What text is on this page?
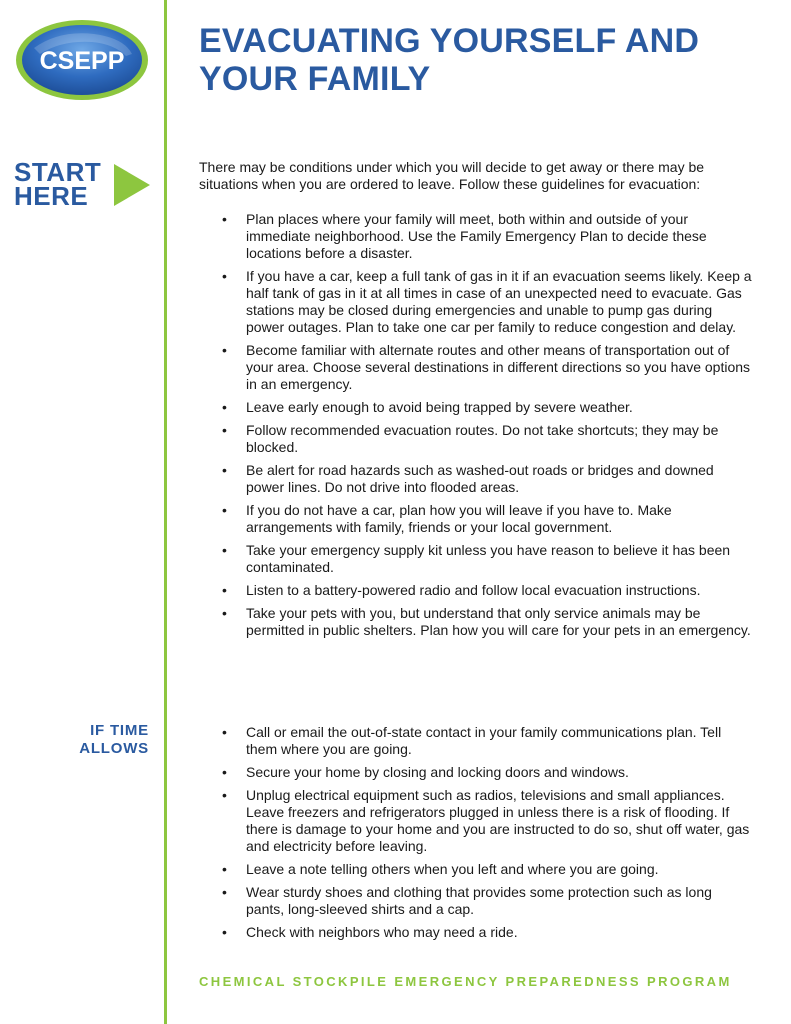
CSEPP
EVACUATING YOURSELF AND YOUR FAMILY
START
HERE

There may be conditions under which you will decide to get away or there may be situations when you are ordered to leave. Follow these guidelines for evacuation:

•	Plan places where your family will meet, both within and outside of your immediate neighborhood. Use the Family Emergency Plan to decide these locations before a disaster.
•	If you have a car, keep a full tank of gas in it if an evacuation seems likely. Keep a half tank of gas in it at all times in case of an unexpected need to evacuate. Gas stations may be closed during emergencies and unable to pump gas during power outages. Plan to take one car per family to reduce congestion and delay.
•	Become familiar with alternate routes and other means of transportation out of your area. Choose several destinations in different directions so you have options in an emergency.
•	Leave early enough to avoid being trapped by severe weather.
•	Follow recommended evacuation routes. Do not take shortcuts; they may be blocked.
•	Be alert for road hazards such as washed-out roads or bridges and downed power lines. Do not drive into flooded areas.
•	If you do not have a car, plan how you will leave if you have to. Make arrangements with family, friends or your local government.
•	Take your emergency supply kit unless you have reason to believe it has been contaminated.
•	Listen to a battery-powered radio and follow local evacuation instructions.
•	Take your pets with you, but understand that only service animals may be permitted in public shelters. Plan how you will care for your pets in an emergency.
IF TIME
ALLOWS
•	Call or email the out-of-state contact in your family communications plan. Tell them where you are going.
•	Secure your home by closing and locking doors and windows.
•	Unplug electrical equipment such as radios, televisions and small appliances. Leave freezers and refrigerators plugged in unless there is a risk of flooding. If there is damage to your home and you are instructed to do so, shut off water, gas and electricity before leaving.
•	Leave a note telling others when you left and where you are going.
•	Wear sturdy shoes and clothing that provides some protection such as long pants, long-sleeved shirts and a cap.
•	Check with neighbors who may need a ride.
CHEMICAL STOCKPILE EMERGENCY PREPAREDNESS PROGRAM
